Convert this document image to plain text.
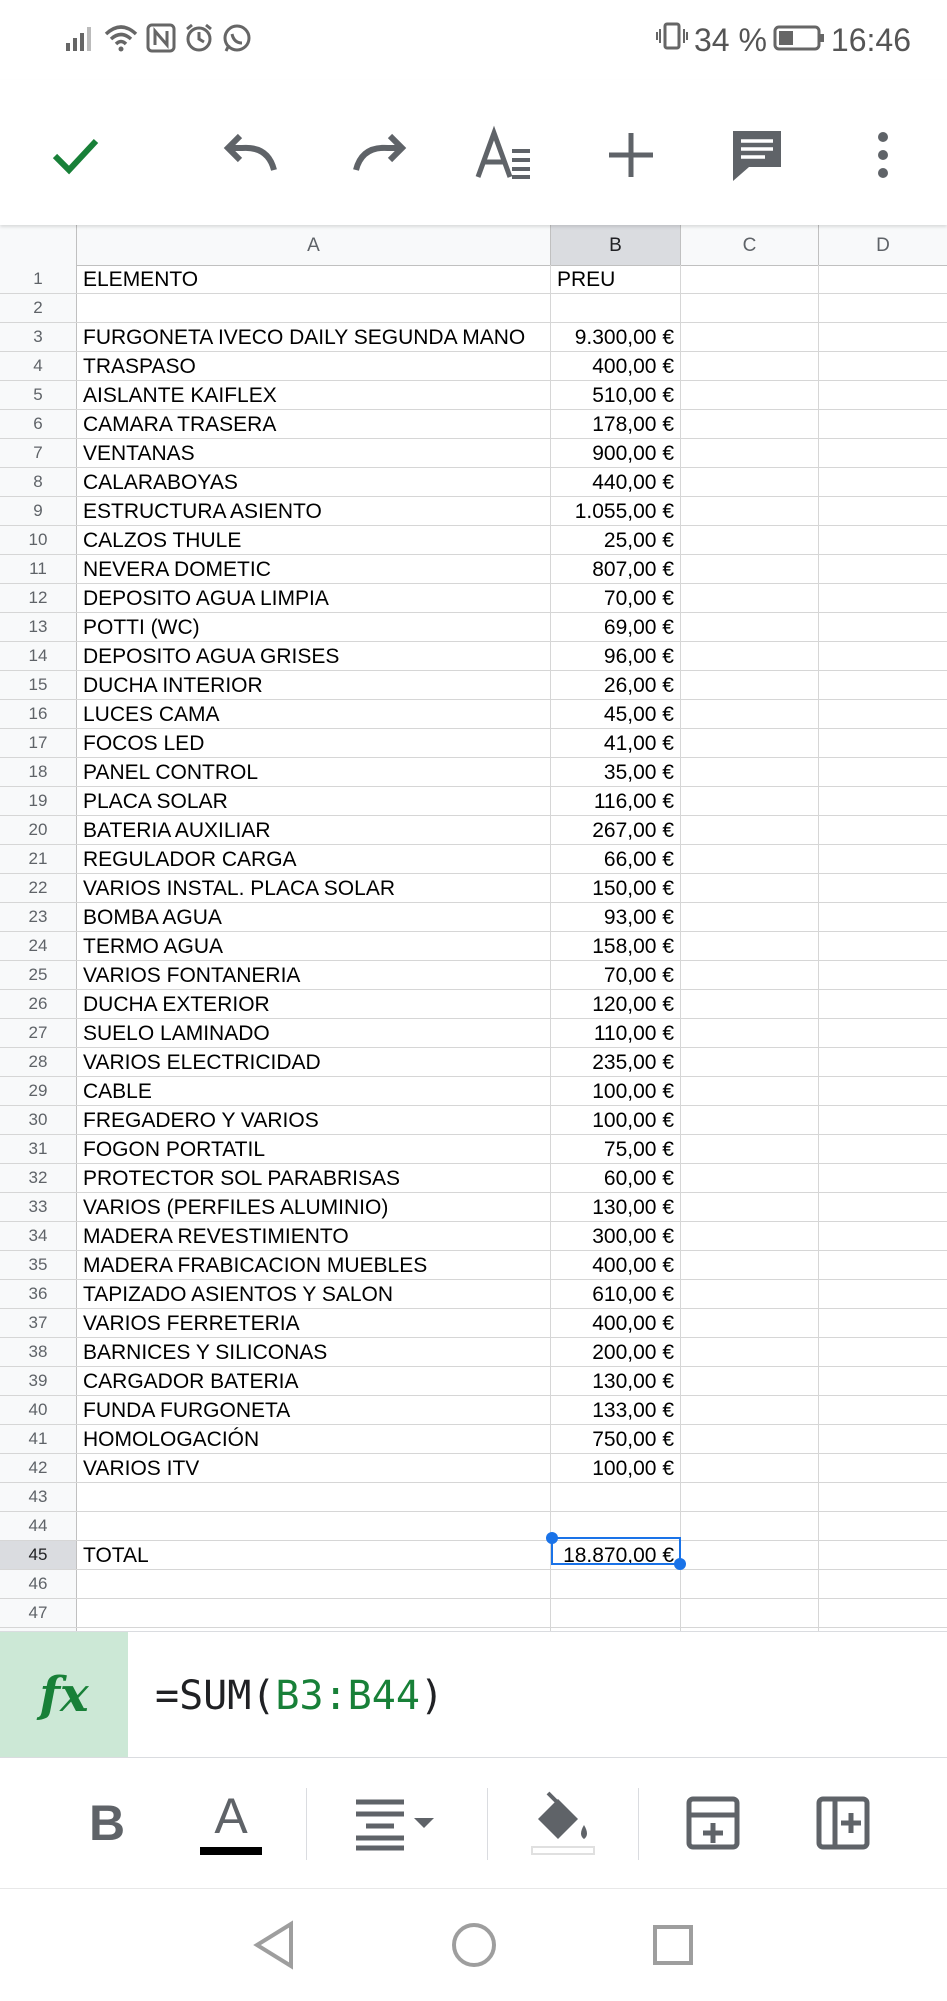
34 % 16:46
A	B	C	D
1	ELEMENTO	PREU
2
3	FURGONETA IVECO DAILY SEGUNDA MANO	9.300,00 €
4	TRASPASO	400,00 €
5	AISLANTE KAIFLEX	510,00 €
6	CAMARA TRASERA	178,00 €
7	VENTANAS	900,00 €
8	CALARABOYAS	440,00 €
9	ESTRUCTURA ASIENTO	1.055,00 €
10	CALZOS THULE	25,00 €
11	NEVERA DOMETIC	807,00 €
12	DEPOSITO AGUA LIMPIA	70,00 €
13	POTTI (WC)	69,00 €
14	DEPOSITO AGUA GRISES	96,00 €
15	DUCHA INTERIOR	26,00 €
16	LUCES CAMA	45,00 €
17	FOCOS LED	41,00 €
18	PANEL CONTROL	35,00 €
19	PLACA SOLAR	116,00 €
20	BATERIA AUXILIAR	267,00 €
21	REGULADOR CARGA	66,00 €
22	VARIOS INSTAL. PLACA SOLAR	150,00 €
23	BOMBA AGUA	93,00 €
24	TERMO AGUA	158,00 €
25	VARIOS FONTANERIA	70,00 €
26	DUCHA EXTERIOR	120,00 €
27	SUELO LAMINADO	110,00 €
28	VARIOS ELECTRICIDAD	235,00 €
29	CABLE	100,00 €
30	FREGADERO Y VARIOS	100,00 €
31	FOGON PORTATIL	75,00 €
32	PROTECTOR SOL PARABRISAS	60,00 €
33	VARIOS (PERFILES ALUMINIO)	130,00 €
34	MADERA REVESTIMIENTO	300,00 €
35	MADERA FRABICACION MUEBLES	400,00 €
36	TAPIZADO ASIENTOS Y SALON	610,00 €
37	VARIOS FERRETERIA	400,00 €
38	BARNICES Y SILICONAS	200,00 €
39	CARGADOR BATERIA	130,00 €
40	FUNDA FURGONETA	133,00 €
41	HOMOLOGACIÓN	750,00 €
42	VARIOS ITV	100,00 €
43
44
45	TOTAL	18.870,00 €
46
47
fx	=SUM(B3:B44)
B A
